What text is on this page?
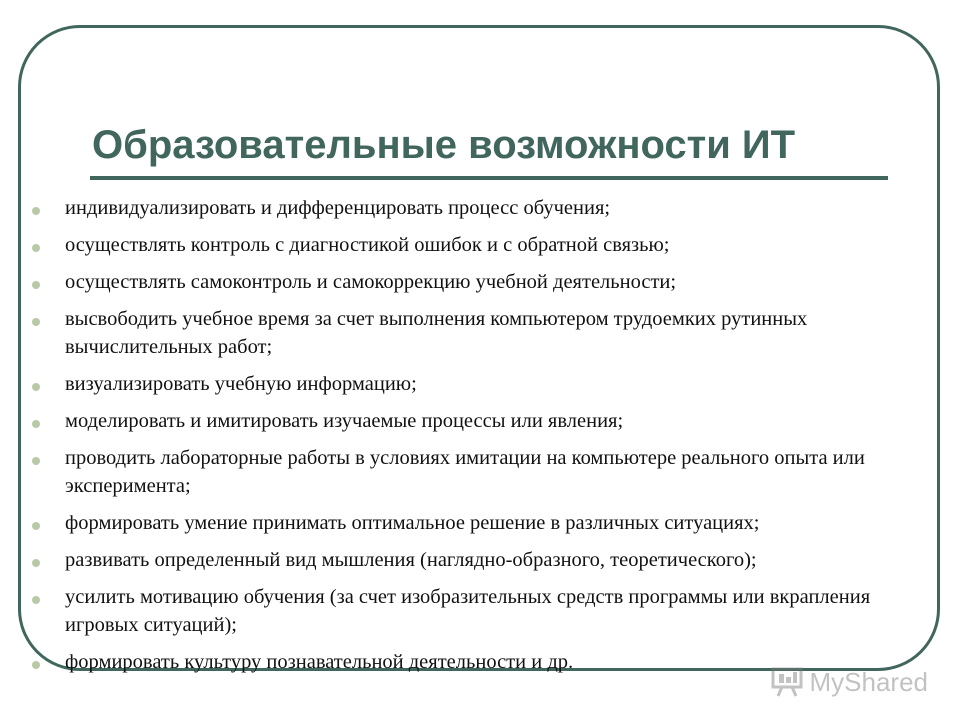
Образовательные возможности ИТ
индивидуализировать и дифференцировать процесс обучения;
осуществлять контроль с диагностикой ошибок и с обратной связью;
осуществлять самоконтроль и самокоррекцию учебной деятельности;
высвободить учебное время за счет выполнения компьютером трудоемких рутинных вычислительных работ;
визуализировать учебную информацию;
моделировать и имитировать изучаемые процессы или явления;
проводить лабораторные работы в условиях имитации на компьютере реального опыта или эксперимента;
формировать умение принимать оптимальное решение в различных ситуациях;
развивать определенный вид мышления (наглядно-образного, теоретического);
усилить мотивацию обучения (за счет изобразительных средств программы или вкрапления игровых ситуаций);
формировать культуру познавательной деятельности и др.
MyShared
